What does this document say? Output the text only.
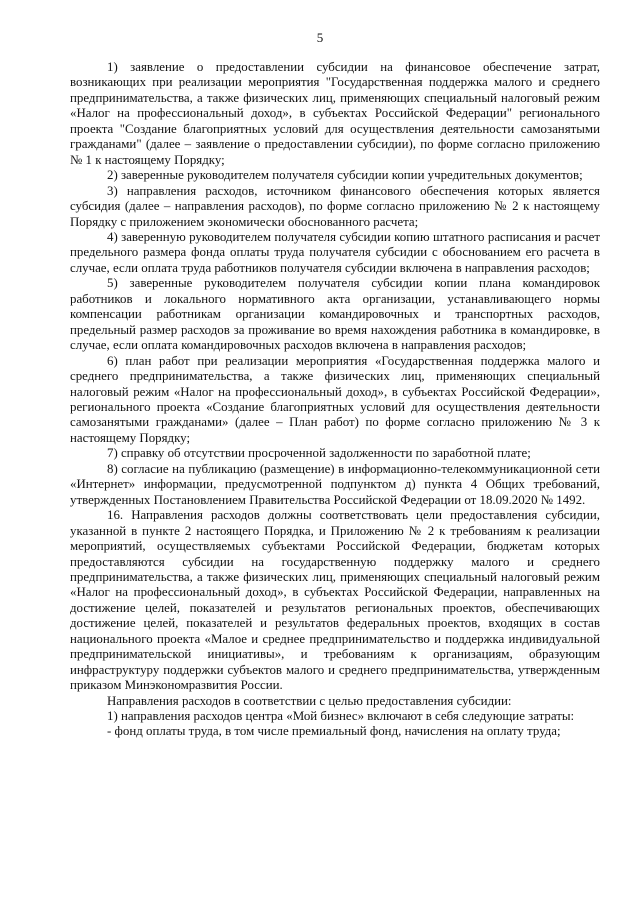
5

1) заявление о предоставлении субсидии на финансовое обеспечение затрат, возникающих при реализации мероприятия "Государственная поддержка малого и среднего предпринимательства, а также физических лиц, применяющих специальный налоговый режим «Налог на профессиональный доход», в субъектах Российской Федерации" регионального проекта "Создание благоприятных условий для осуществления деятельности самозанятыми гражданами" (далее – заявление о предоставлении субсидии), по форме согласно приложению № 1 к настоящему Порядку;

2) заверенные руководителем получателя субсидии копии учредительных документов;

3) направления расходов, источником финансового обеспечения которых является субсидия (далее – направления расходов), по форме согласно приложению № 2 к настоящему Порядку с приложением экономически обоснованного расчета;

4) заверенную руководителем получателя субсидии копию штатного расписания и расчет предельного размера фонда оплаты труда получателя субсидии с обоснованием его расчета в случае, если оплата труда работников получателя субсидии включена в направления расходов;

5) заверенные руководителем получателя субсидии копии плана командировок работников и локального нормативного акта организации, устанавливающего нормы компенсации работникам организации командировочных и транспортных расходов, предельный размер расходов за проживание во время нахождения работника в командировке, в случае, если оплата командировочных расходов включена в направления расходов;

6) план работ при реализации мероприятия «Государственная поддержка малого и среднего предпринимательства, а также физических лиц, применяющих специальный налоговый режим «Налог на профессиональный доход», в субъектах Российской Федерации», регионального проекта «Создание благоприятных условий для осуществления деятельности самозанятыми гражданами» (далее – План работ) по форме согласно приложению № 3 к настоящему Порядку;

7) справку об отсутствии просроченной задолженности по заработной плате;

8) согласие на публикацию (размещение) в информационно-телекоммуникационной сети «Интернет» информации, предусмотренной подпунктом д) пункта 4 Общих требований, утвержденных Постановлением Правительства Российской Федерации от 18.09.2020 № 1492.

16. Направления расходов должны соответствовать цели предоставления субсидии, указанной в пункте 2 настоящего Порядка, и Приложению № 2 к требованиям к реализации мероприятий, осуществляемых субъектами Российской Федерации, бюджетам которых предоставляются субсидии на государственную поддержку малого и среднего предпринимательства, а также физических лиц, применяющих специальный налоговый режим «Налог на профессиональный доход», в субъектах Российской Федерации, направленных на достижение целей, показателей и результатов региональных проектов, обеспечивающих достижение целей, показателей и результатов федеральных проектов, входящих в состав национального проекта «Малое и среднее предпринимательство и поддержка индивидуальной предпринимательской инициативы», и требованиям к организациям, образующим инфраструктуру поддержки субъектов малого и среднего предпринимательства, утвержденным приказом Минэкономразвития России.

Направления расходов в соответствии с целью предоставления субсидии:

1) направления расходов центра «Мой бизнес» включают в себя следующие затраты:

- фонд оплаты труда, в том числе премиальный фонд, начисления на оплату труда;
